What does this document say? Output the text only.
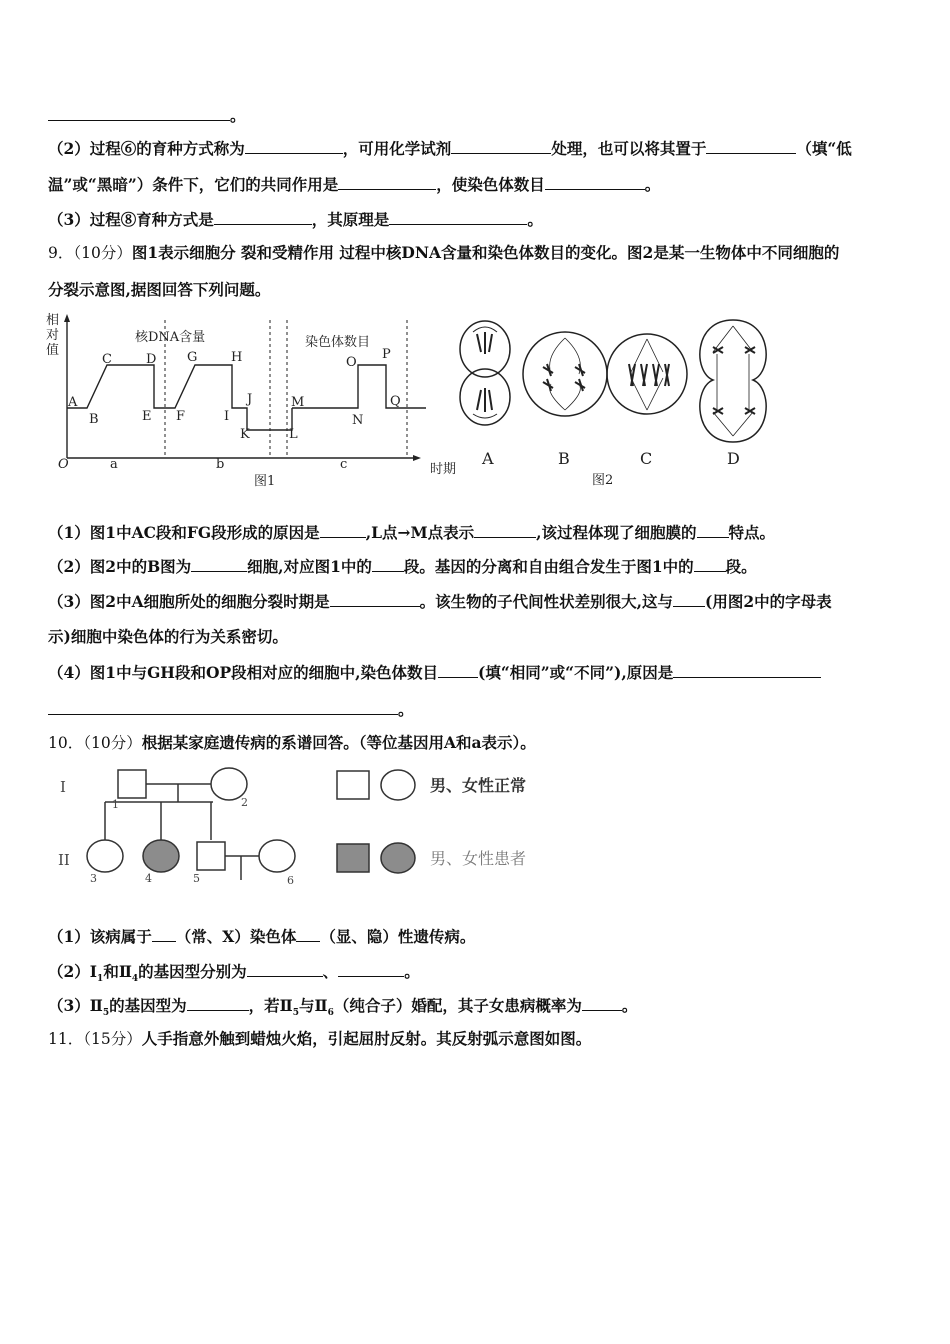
。
（2）过程⑥的育种方式称为	，可用化学试剂	处理，也可以将其置于	（填“低
温”或“黑暗”）条件下，它们的共同作用是	，使染色体数目	。
（3）过程⑧育种方式是	，其原理是	。
9．（10分）图1表示细胞分 裂和受精作用 过程中核DNA含量和染色体数目的变化。图2是某一生物体中不同细胞的
分裂示意图,据图回答下列问题。
相
对
值
核DNA含量	染色体数目
A
B
C	D
E F
G	H
I
J
K	L
M
N
O
P
Q
O	时期
a	b	c
图1
A	B	C	D
图2
（1）图1中AC段和FG段形成的原因是	,L点→M点表示	,该过程体现了细胞膜的 特点。
（2）图2中的B图为	细胞,对应图1中的 段。基因的分离和自由组合发生于图1中的 段。
（3）图2中A细胞所处的细胞分裂时期是	。该生物的子代间性状差别很大,这与 (用图2中的字母表
示)细胞中染色体的行为关系密切。
（4）图1中与GH段和OP段相对应的细胞中,染色体数目	(填“相同”或“不同”),原因是
。
10．（10分）根据某家庭遗传病的系谱回答。（等位基因用A和a表示）。
I
II
1	2
3	4	5	6
男、女性正常
男、女性患者
（1）该病属于 （常、X）染色体 （显、隐）性遗传病。
$(2)Ⅰ_1$和$Ⅱ_4$的基因型分别为	、	。
$(3)Ⅱ_5$的基因型为	，若$Ⅱ_5$与$Ⅱ_6$（纯合子）婚配，其子女患病概率为	。
11．（15分）人手指意外触到蜡烛火焰，引起屈肘反射。其反射弧示意图如图。
